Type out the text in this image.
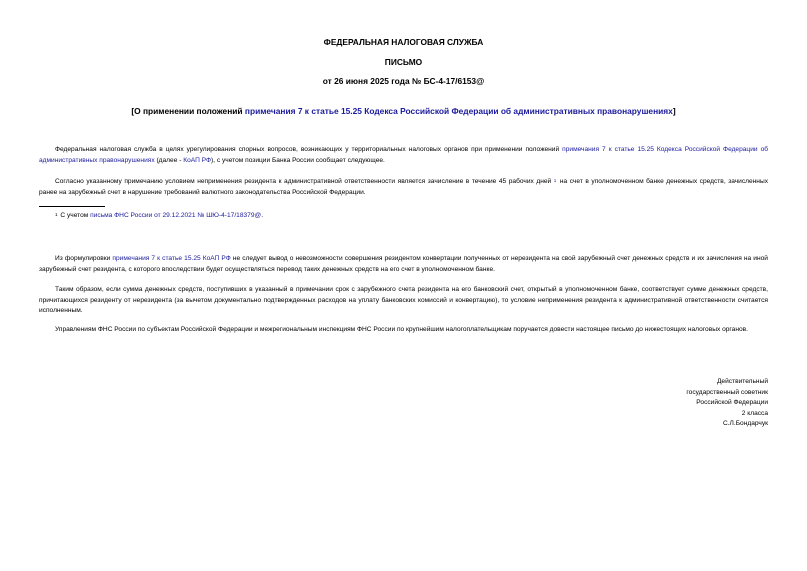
ФЕДЕРАЛЬНАЯ НАЛОГОВАЯ СЛУЖБА
ПИСЬМО
от 26 июня 2025 года № БС-4-17/6153@
[О применении положений примечания 7 к статье 15.25 Кодекса Российской Федерации об административных правонарушениях]

Федеральная налоговая служба в целях урегулирования спорных вопросов, возникающих у территориальных налоговых органов при применении положений примечания 7 к статье 15.25 Кодекса Российской Федерации об административных правонарушениях (далее - КоАП РФ), с учетом позиции Банка России сообщает следующее.

Согласно указанному примечанию условием неприменения резидента к административной ответственности является зачисление в течение 45 рабочих дней $^1$ на счет в уполномоченном банке денежных средств, зачисленных ранее на зарубежный счет в нарушение требований валютного законодательства Российской Федерации.

$^1$ С учетом письма ФНС России от 29.12.2021 № ШЮ-4-17/18379@.

Из формулировки примечания 7 к статье 15.25 КоАП РФ не следует вывод о невозможности совершения резидентом конвертации полученных от нерезидента на свой зарубежный счет денежных средств и их зачисления на иной зарубежный счет резидента, с которого впоследствии будет осуществляться перевод таких денежных средств на его счет в уполномоченном банке.

Таким образом, если сумма денежных средств, поступивших в указанный в примечании срок с зарубежного счета резидента на его банковский счет, открытый в уполномоченном банке, соответствует сумме денежных средств, причитающихся резиденту от нерезидента (за вычетом документально подтвержденных расходов на уплату банковских комиссий и конвертацию), то условие неприменения резидента к административной ответственности считается исполненным.

Управлениям ФНС России по субъектам Российской Федерации и межрегиональным инспекциям ФНС России по крупнейшим налогоплательщикам поручается довести настоящее письмо до нижестоящих налоговых органов.

Действительный
государственный советник
Российской Федерации
2 класса
С.Л.Бондарчук
